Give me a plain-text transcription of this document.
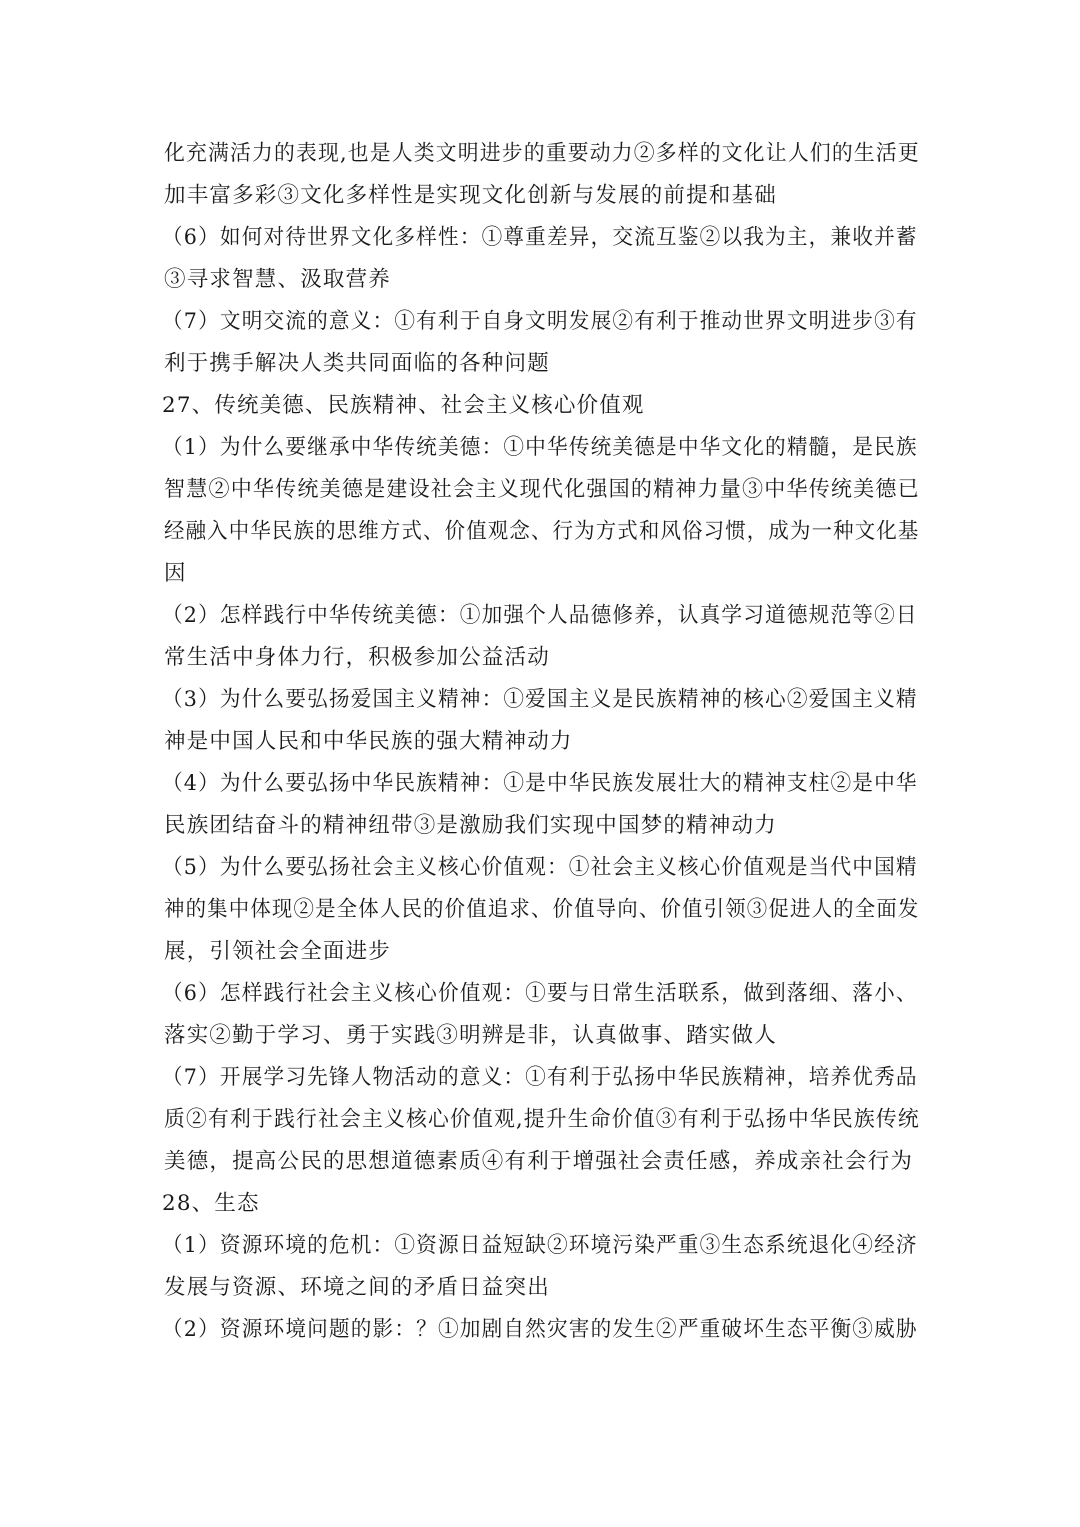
化充满活力的表现,也是人类文明进步的重要动力②多样的文化让人们的生活更
加丰富多彩③文化多样性是实现文化创新与发展的前提和基础
（6）如何对待世界文化多样性：①尊重差异，交流互鉴②以我为主，兼收并蓄
③寻求智慧、汲取营养
（7）文明交流的意义：①有利于自身文明发展②有利于推动世界文明进步③有
利于携手解决人类共同面临的各种问题
27、传统美德、民族精神、社会主义核心价值观
（1）为什么要继承中华传统美德：①中华传统美德是中华文化的精髓，是民族
智慧②中华传统美德是建设社会主义现代化强国的精神力量③中华传统美德已
经融入中华民族的思维方式、价值观念、行为方式和风俗习惯，成为一种文化基
因
（2）怎样践行中华传统美德：①加强个人品德修养，认真学习道德规范等②日
常生活中身体力行，积极参加公益活动
（3）为什么要弘扬爱国主义精神：①爱国主义是民族精神的核心②爱国主义精
神是中国人民和中华民族的强大精神动力
（4）为什么要弘扬中华民族精神：①是中华民族发展壮大的精神支柱②是中华
民族团结奋斗的精神纽带③是激励我们实现中国梦的精神动力
（5）为什么要弘扬社会主义核心价值观：①社会主义核心价值观是当代中国精
神的集中体现②是全体人民的价值追求、价值导向、价值引领③促进人的全面发
展，引领社会全面进步
（6）怎样践行社会主义核心价值观：①要与日常生活联系，做到落细、落小、
落实②勤于学习、勇于实践③明辨是非，认真做事、踏实做人
（7）开展学习先锋人物活动的意义：①有利于弘扬中华民族精神，培养优秀品
质②有利于践行社会主义核心价值观,提升生命价值③有利于弘扬中华民族传统
美德，提高公民的思想道德素质④有利于增强社会责任感，养成亲社会行为
28、生态
（1）资源环境的危机：①资源日益短缺②环境污染严重③生态系统退化④经济
发展与资源、环境之间的矛盾日益突出
（2）资源环境问题的影：？①加剧自然灾害的发生②严重破坏生态平衡③威胁
